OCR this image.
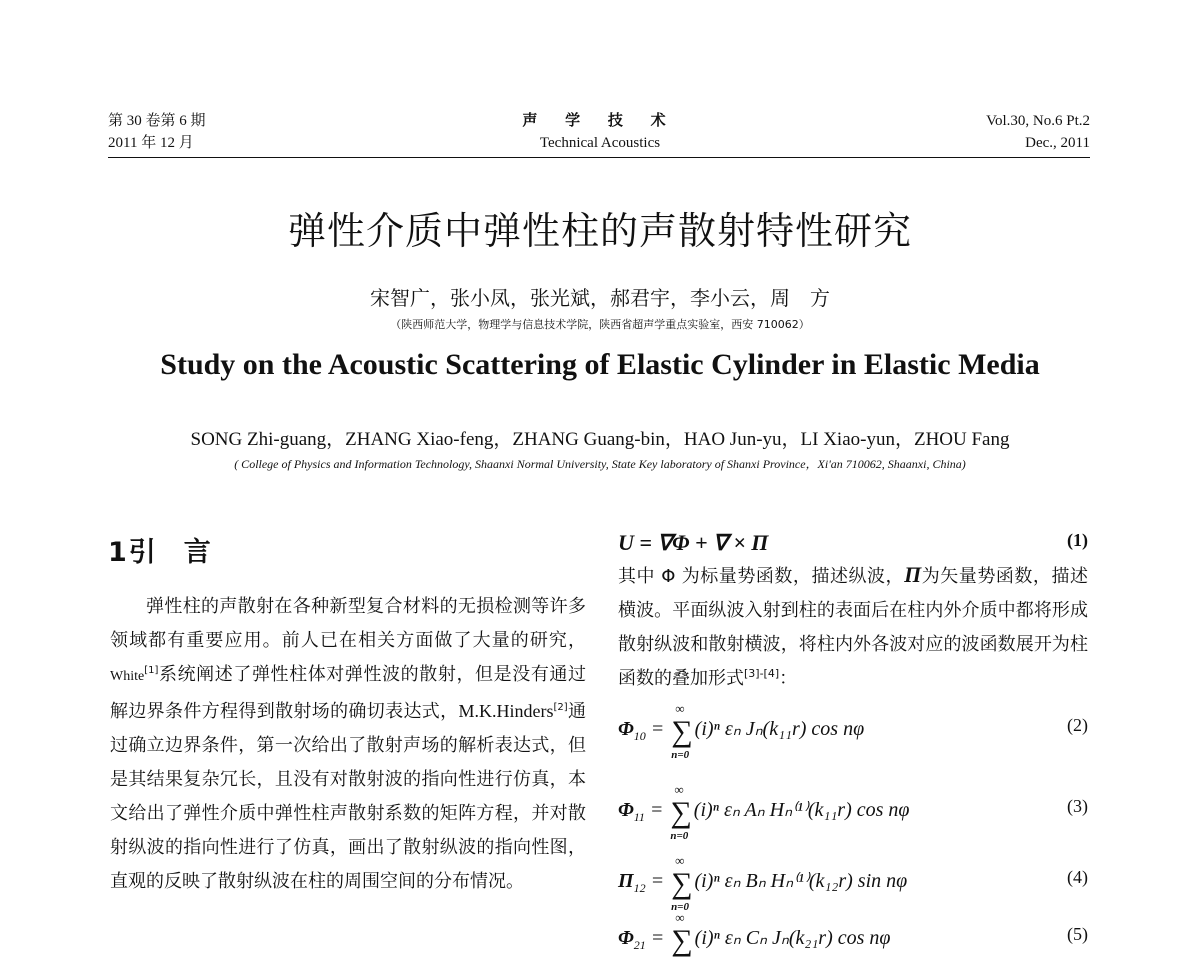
第 30 卷第 6 期
2011 年 12 月
声 学 技 术
Technical Acoustics
Vol.30, No.6 Pt.2
Dec., 2011
弹性介质中弹性柱的声散射特性研究
宋智广，张小凤，张光斌，郝君宇，李小云，周　方
（陕西师范大学，物理学与信息技术学院，陕西省超声学重点实验室，西安 710062）
Study on the Acoustic Scattering of Elastic Cylinder in Elastic Media
SONG Zhi-guang，ZHANG Xiao-feng，ZHANG Guang-bin，HAO Jun-yu，LI Xiao-yun，ZHOU Fang
( College of Physics and Information Technology, Shaanxi Normal University, State Key laboratory of Shanxi Province，Xi'an 710062, Shaanxi, China)
1引 言
弹性柱的声散射在各种新型复合材料的无损检测等许多领域都有重要应用。前人已在相关方面做了大量的研究，White[1]系统阐述了弹性柱体对弹性波的散射，但是没有通过解边界条件方程得到散射场的确切表达式，M.K.Hinders[2]通过确立边界条件，第一次给出了散射声场的解析表达式，但是其结果复杂冗长，且没有对散射波的指向性进行仿真，本文给出了弹性介质中弹性柱声散射系数的矩阵方程，并对散射纵波的指向性进行了仿真，画出了散射纵波的指向性图，直观的反映了散射纵波在柱的周围空间的分布情况。
U = ∇Φ + ∇ × Π	(1)
其中 Φ 为标量势函数，描述纵波，Π为矢量势函数，描述横波。平面纵波入射到柱的表面后在柱内外介质中都将形成散射纵波和散射横波，将柱内外各波对应的波函数展开为柱函数的叠加形式[3]-[4]：
$\Phi_{10}$ = ∑
∞
n=0
(i)ⁿ εₙ Jₙ(k₁₁r) cos nφ	(2)
$\Phi_{11}$ = ∑
∞
n=0
(i)ⁿ εₙ Aₙ Hₙ⁽¹⁾(k₁₁r) cos nφ	(3)
$\Pi_{12}$ = ∑
∞
n=0
(i)ⁿ εₙ Bₙ Hₙ⁽¹⁾(k₁₂r) sin nφ	(4)
$\Phi_{21}$ = ∑
∞
(i)ⁿ εₙ Cₙ Jₙ(k₂₁r) cos nφ	(5)
